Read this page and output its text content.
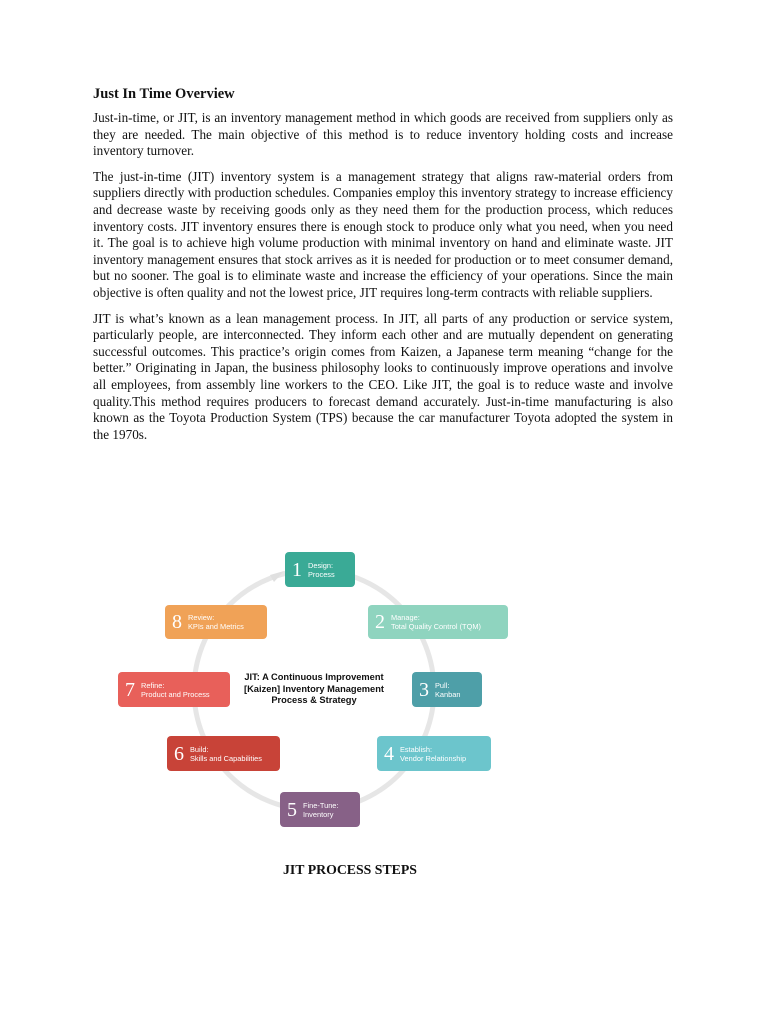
Just In Time Overview

Just-in-time, or JIT, is an inventory management method in which goods are received from suppliers only as they are needed. The main objective of this method is to reduce inventory holding costs and increase inventory turnover.

The just-in-time (JIT) inventory system is a management strategy that aligns raw-material orders from suppliers directly with production schedules. Companies employ this inventory strategy to increase efficiency and decrease waste by receiving goods only as they need them for the production process, which reduces inventory costs. JIT inventory ensures there is enough stock to produce only what you need, when you need it. The goal is to achieve high volume production with minimal inventory on hand and eliminate waste. JIT inventory management ensures that stock arrives as it is needed for production or to meet consumer demand, but no sooner. The goal is to eliminate waste and increase the efficiency of your operations. Since the main objective is often quality and not the lowest price, JIT requires long-term contracts with reliable suppliers.

JIT is what’s known as a lean management process. In JIT, all parts of any production or service system, particularly people, are interconnected. They inform each other and are mutually dependent on generating successful outcomes. This practice’s origin comes from Kaizen, a Japanese term meaning “change for the better.” Originating in Japan, the business philosophy looks to continuously improve operations and involve all employees, from assembly line workers to the CEO. Like JIT, the goal is to reduce waste and involve quality.This method requires producers to forecast demand accurately. Just-in-time manufacturing is also known as the Toyota Production System (TPS) because the car manufacturer Toyota adopted the system in the 1970s.

1 Design:
Process
2 Manage:
Total Quality Control (TQM)
3 Pull:
Kanban
4 Establish:
Vendor Relationship
5 Fine-Tune:
Inventory
6 Build:
Skills and Capabilities
7 Refine:
Product and Process
8 Review:
KPIs and Metrics
JIT: A Continuous Improvement [Kaizen] Inventory Management Process & Strategy
JIT PROCESS STEPS
